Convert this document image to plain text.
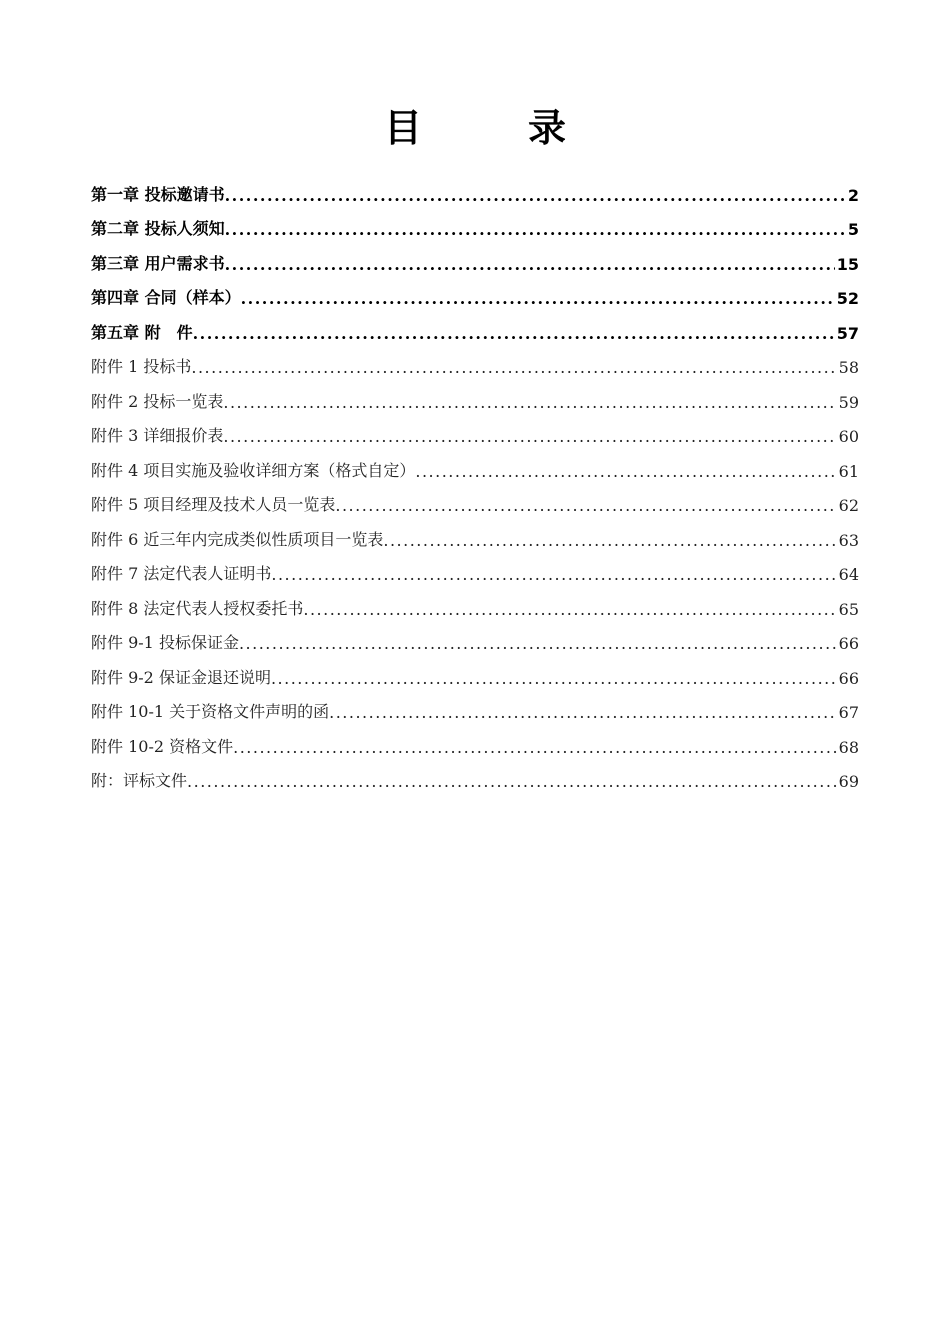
目　录
第一章 投标邀请书 .....	2
第二章 投标人须知 .....	5
第三章 用户需求书 .....	15
第四章 合同（样本） .....	52
第五章 附　件 .....	57
附件 1 投标书 .....	58
附件 2 投标一览表 .....	59
附件 3 详细报价表 .....	60
附件 4 项目实施及验收详细方案（格式自定） .....	61
附件 5 项目经理及技术人员一览表 .....	62
附件 6 近三年内完成类似性质项目一览表 .....	63
附件 7 法定代表人证明书 .....	64
附件 8 法定代表人授权委托书 .....	65
附件 9-1 投标保证金 .....	66
附件 9-2 保证金退还说明 .....	66
附件 10-1 关于资格文件声明的函 .....	67
附件 10-2 资格文件 .....	68
附：评标文件 .....	69
